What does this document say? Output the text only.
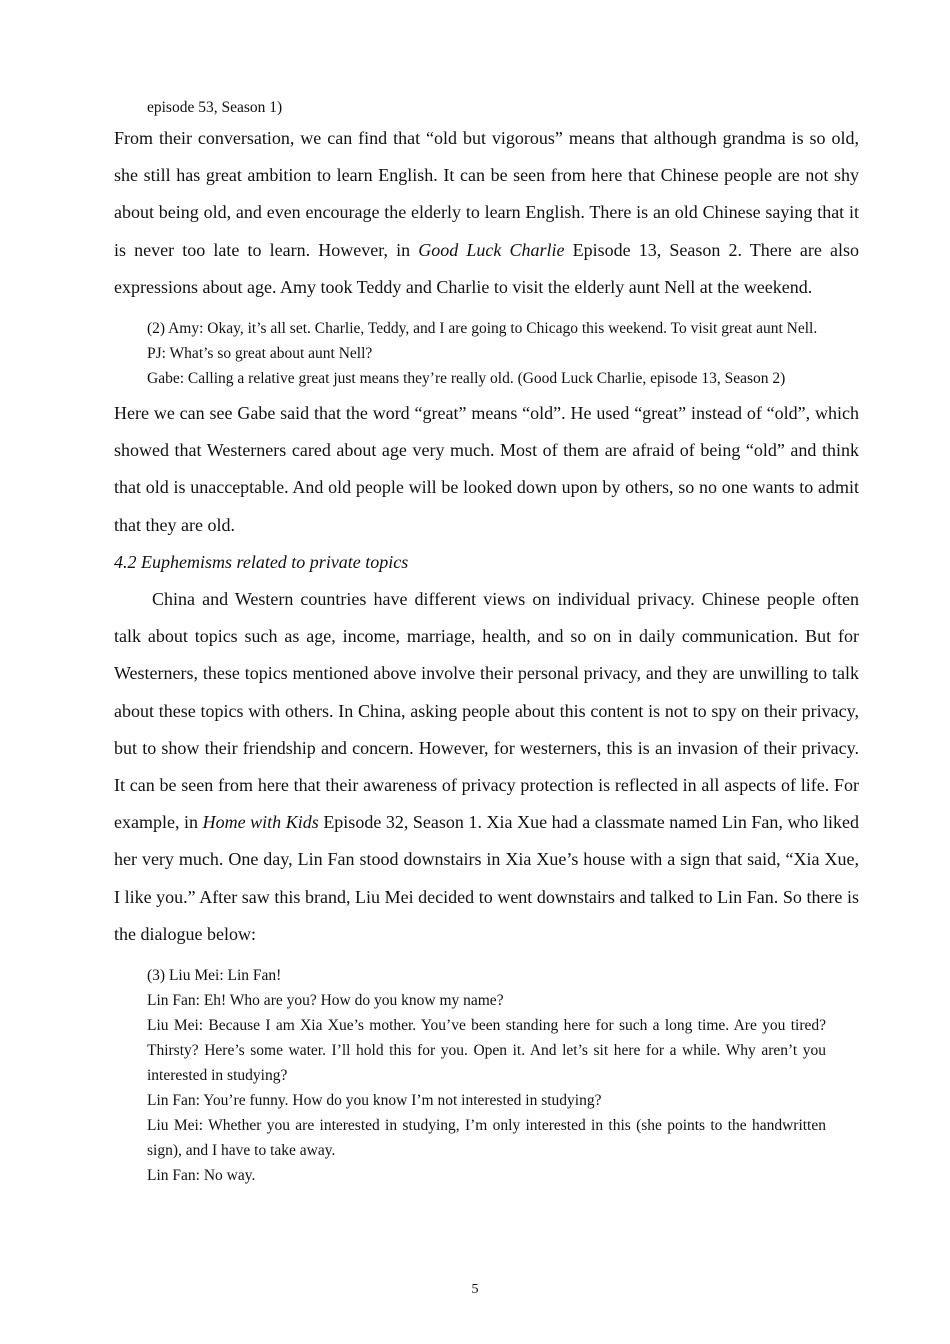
episode 53, Season 1)

From their conversation, we can find that “old but vigorous” means that although grandma is so old, she still has great ambition to learn English. It can be seen from here that Chinese people are not shy about being old, and even encourage the elderly to learn English. There is an old Chinese saying that it is never too late to learn. However, in Good Luck Charlie Episode 13, Season 2. There are also expressions about age. Amy took Teddy and Charlie to visit the elderly aunt Nell at the weekend.

(2) Amy: Okay, it’s all set. Charlie, Teddy, and I are going to Chicago this weekend. To visit great aunt Nell.
PJ: What’s so great about aunt Nell?
Gabe: Calling a relative great just means they’re really old. (Good Luck Charlie, episode 13, Season 2)

Here we can see Gabe said that the word “great” means “old”. He used “great” instead of “old”, which showed that Westerners cared about age very much. Most of them are afraid of being “old” and think that old is unacceptable. And old people will be looked down upon by others, so no one wants to admit that they are old.

4.2 Euphemisms related to private topics

China and Western countries have different views on individual privacy. Chinese people often talk about topics such as age, income, marriage, health, and so on in daily communication. But for Westerners, these topics mentioned above involve their personal privacy, and they are unwilling to talk about these topics with others. In China, asking people about this content is not to spy on their privacy, but to show their friendship and concern. However, for westerners, this is an invasion of their privacy. It can be seen from here that their awareness of privacy protection is reflected in all aspects of life. For example, in Home with Kids Episode 32, Season 1. Xia Xue had a classmate named Lin Fan, who liked her very much. One day, Lin Fan stood downstairs in Xia Xue’s house with a sign that said, “Xia Xue, I like you.” After saw this brand, Liu Mei decided to went downstairs and talked to Lin Fan. So there is the dialogue below:

(3) Liu Mei: Lin Fan!
Lin Fan: Eh! Who are you? How do you know my name?
Liu Mei: Because I am Xia Xue’s mother. You’ve been standing here for such a long time. Are you tired? Thirsty? Here’s some water. I’ll hold this for you. Open it. And let’s sit here for a while. Why aren’t you interested in studying?
Lin Fan: You’re funny. How do you know I’m not interested in studying?
Liu Mei: Whether you are interested in studying, I’m only interested in this (she points to the handwritten sign), and I have to take away.
Lin Fan: No way.
5
